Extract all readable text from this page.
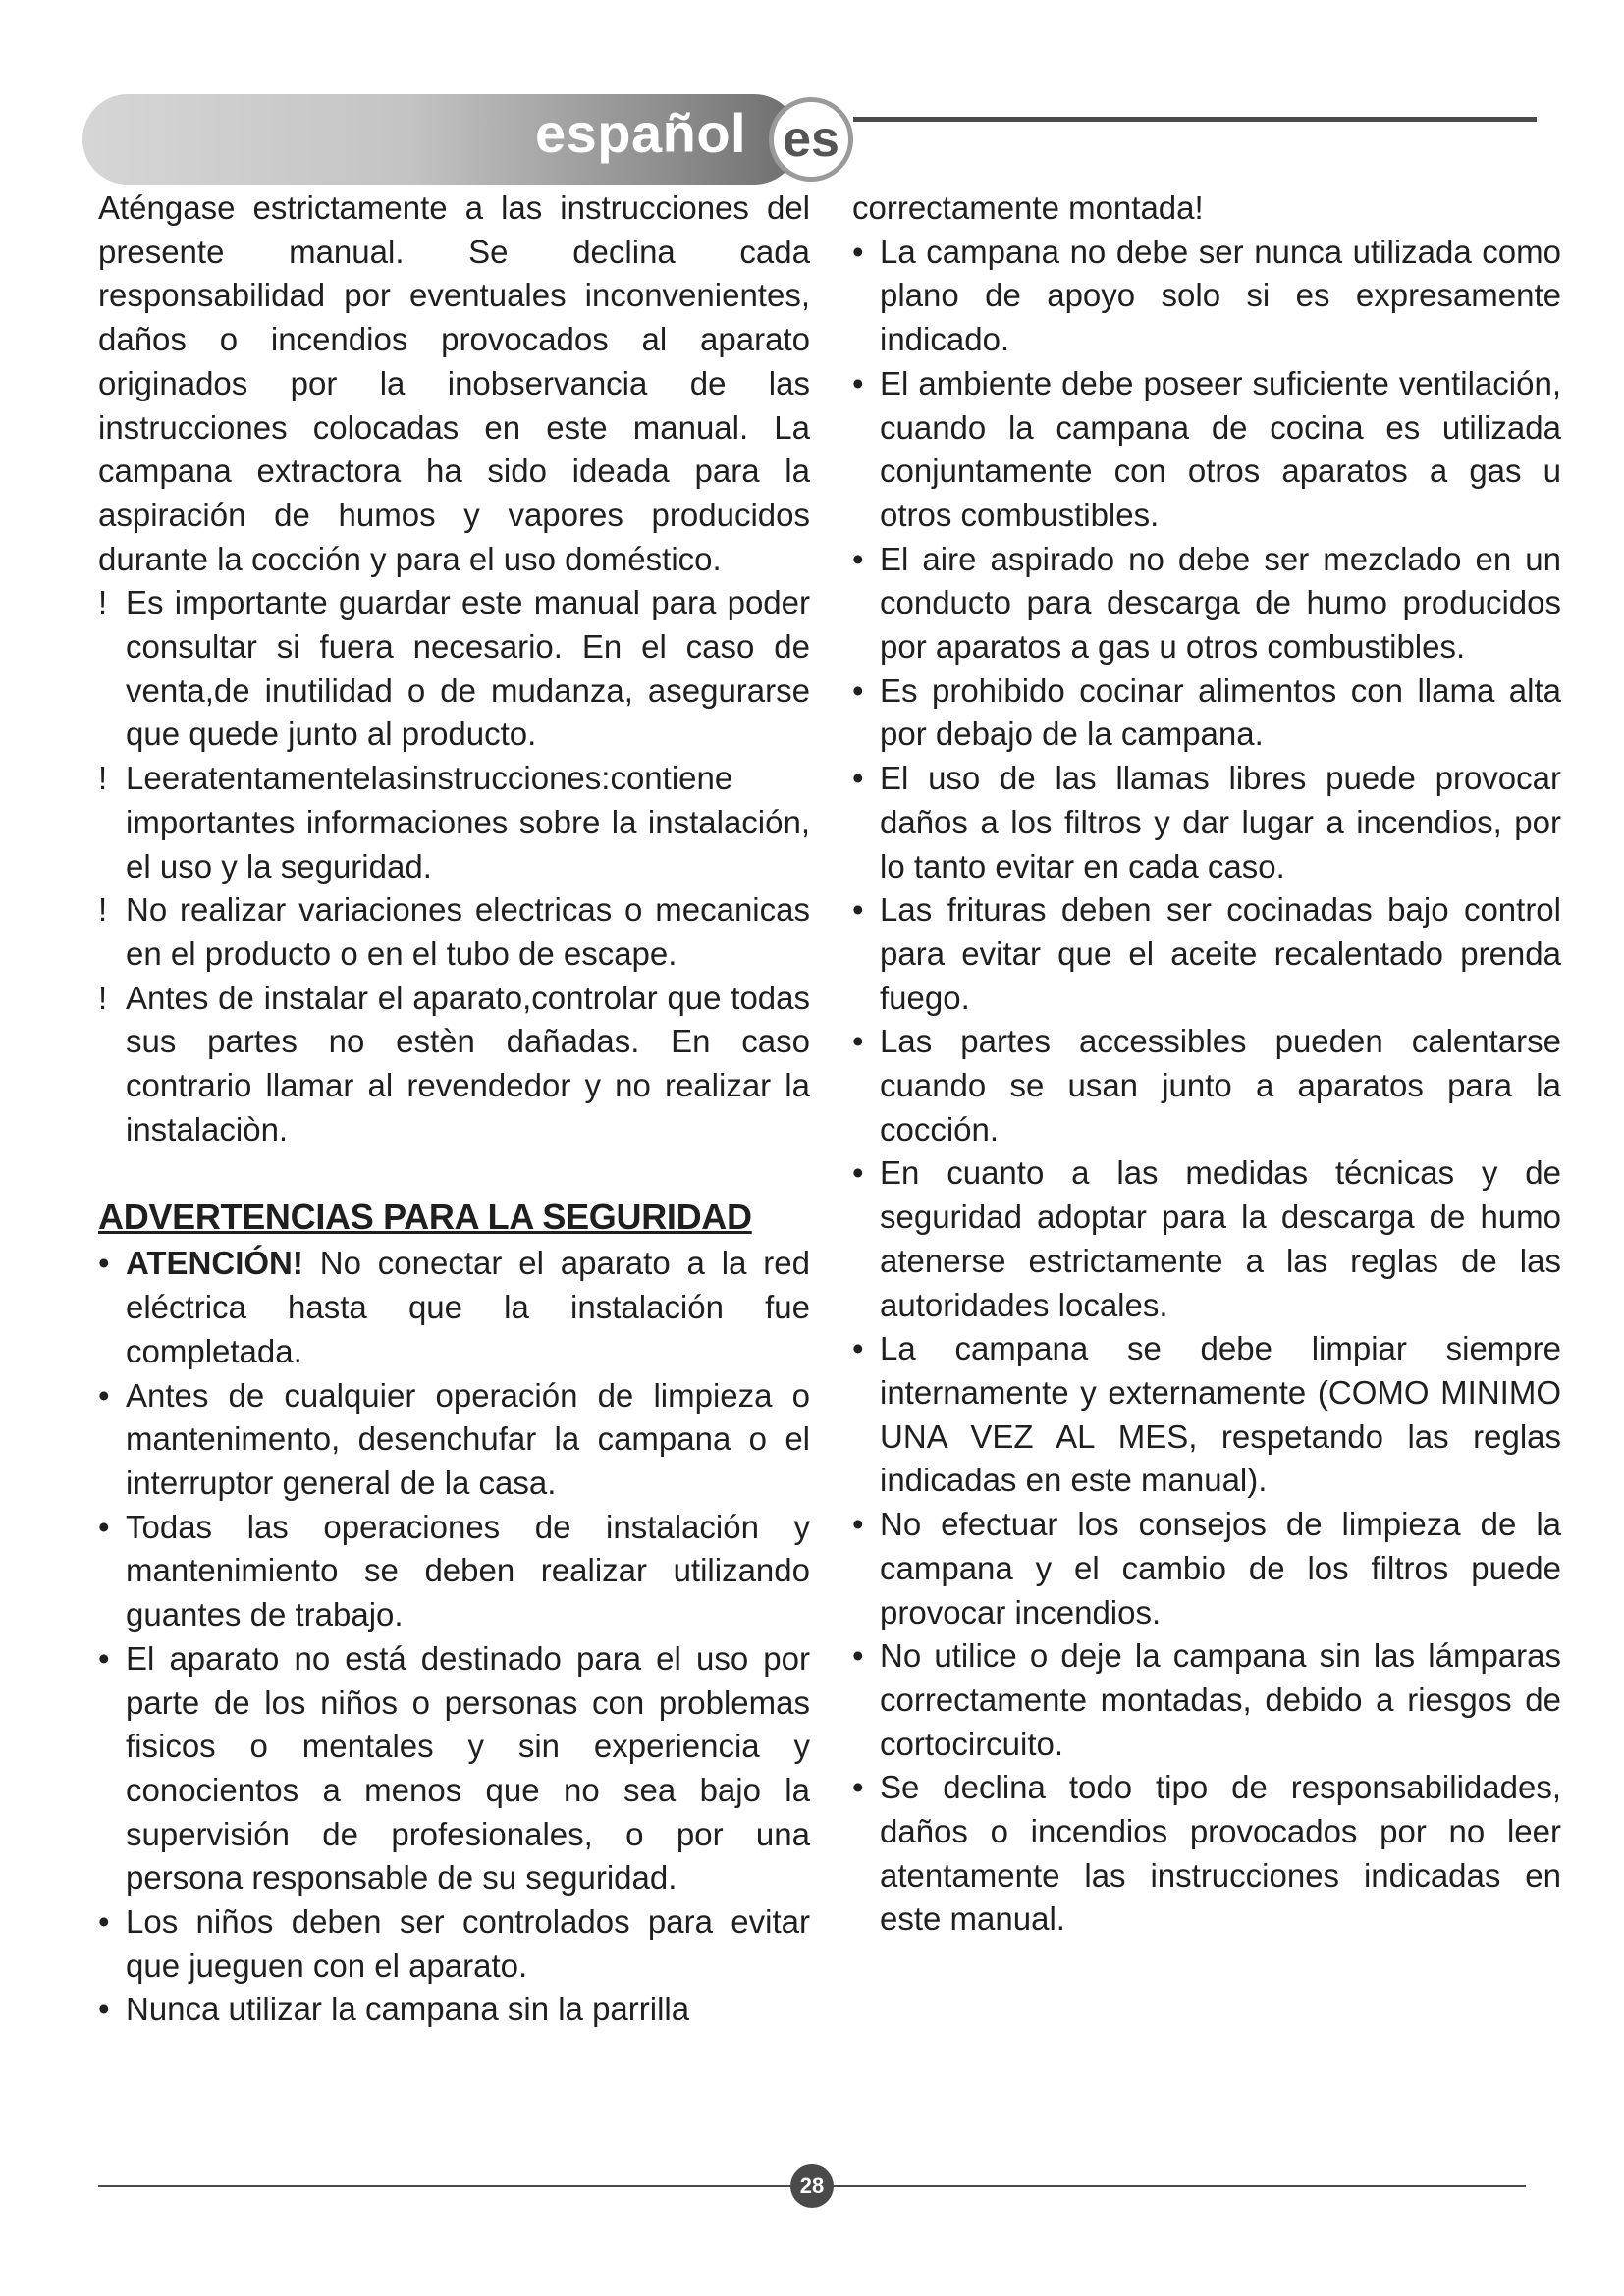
español es

Aténgase estrictamente a las instrucciones del presente manual. Se declina cada responsabilidad por eventuales inconvenientes, daños o incendios provocados al aparato originados por la inobservancia de las instrucciones colocadas en este manual. La campana extractora ha sido ideada para la aspiración de humos y vapores producidos durante la cocción y para el uso doméstico.

! Es importante guardar este manual para poder consultar si fuera necesario. En el caso de venta,de inutilidad o de mudanza, asegurarse que quede junto al producto.

! Leeratentamentelasinstrucciones:contiene importantes informaciones sobre la instalación, el uso y la seguridad.

! No realizar variaciones electricas o mecanicas en el producto o en el tubo de escape.

! Antes de instalar el aparato,controlar que todas sus partes no estèn dañadas. En caso contrario llamar al revendedor y no realizar la instalaciòn.

ADVERTENCIAS PARA LA SEGURIDAD

• ATENCIÓN! No conectar el aparato a la red eléctrica hasta que la instalación fue completada.

• Antes de cualquier operación de limpieza o mantenimento, desenchufar la campana o el interruptor general de la casa.

• Todas las operaciones de instalación y mantenimiento se deben realizar utilizando guantes de trabajo.

• El aparato no está destinado para el uso por parte de los niños o personas con problemas fisicos o mentales y sin experiencia y conocientos a menos que no sea bajo la supervisión de profesionales, o por una persona responsable de su seguridad.

• Los niños deben ser controlados para evitar que jueguen con el aparato.

• Nunca utilizar la campana sin la parrilla

correctamente montada!

• La campana no debe ser nunca utilizada como plano de apoyo solo si es expresamente indicado.

• El ambiente debe poseer suficiente ventilación, cuando la campana de cocina es utilizada conjuntamente con otros aparatos a gas u otros combustibles.

• El aire aspirado no debe ser mezclado en un conducto para descarga de humo producidos por aparatos a gas u otros combustibles.

• Es prohibido cocinar alimentos con llama alta por debajo de la campana.

• El uso de las llamas libres puede provocar daños a los filtros y dar lugar a incendios, por lo tanto evitar en cada caso.

• Las frituras deben ser cocinadas bajo control para evitar que el aceite recalentado prenda fuego.

• Las partes accessibles pueden calentarse cuando se usan junto a aparatos para la cocción.

• En cuanto a las medidas técnicas y de seguridad adoptar para la descarga de humo atenerse estrictamente a las reglas de las autoridades locales.

• La campana se debe limpiar siempre internamente y externamente (COMO MINIMO UNA VEZ AL MES, respetando las reglas indicadas en este manual).

• No efectuar los consejos de limpieza de la campana y el cambio de los filtros puede provocar incendios.

• No utilice o deje la campana sin las lámparas correctamente montadas, debido a riesgos de cortocircuito.

• Se declina todo tipo de responsabilidades, daños o incendios provocados por no leer atentamente las instrucciones indicadas en este manual.

28
